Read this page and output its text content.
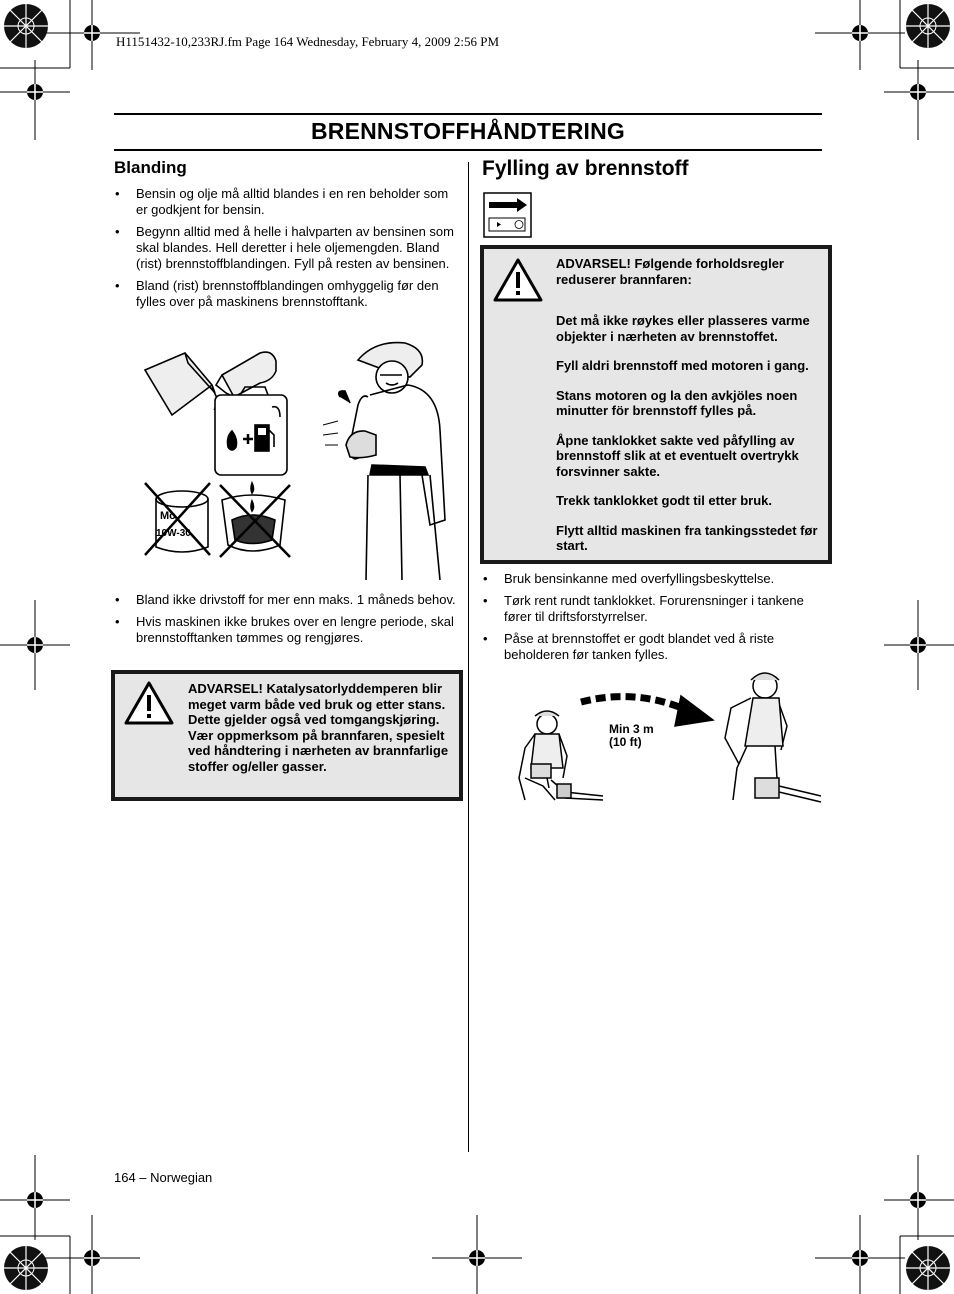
H1151432-10,233RJ.fm Page 164 Wednesday, February 4, 2009 2:56 PM
BRENNSTOFFHÅNDTERING
Blanding
• Bensin og olje må alltid blandes i en ren beholder som er godkjent for bensin.
• Begynn alltid med å helle i halvparten av bensinen som skal blandes. Hell deretter i hele oljemengden. Bland (rist) brennstoffblandingen. Fyll på resten av bensinen.
• Bland (rist) brennstoffblandingen omhyggelig før den fylles over på maskinens brennstofftank.
Mo
10W-30
• Bland ikke drivstoff for mer enn maks. 1 måneds behov.
• Hvis maskinen ikke brukes over en lengre periode, skal brennstofftanken tømmes og rengjøres.
ADVARSEL! Katalysatorlyddemperen blir meget varm både ved bruk og etter stans. Dette gjelder også ved tomgangskjøring. Vær oppmerksom på brannfaren, spesielt ved håndtering i nærheten av brannfarlige stoffer og/eller gasser.
Fylling av brennstoff

ADVARSEL! Følgende forholdsregler reduserer brannfaren:

Det må ikke røykes eller plasseres varme objekter i nærheten av brennstoffet.

Fyll aldri brennstoff med motoren i gang.

Stans motoren og la den avkjöles noen minutter för brennstoff fylles på.

Åpne tanklokket sakte ved påfylling av brennstoff slik at et eventuelt overtrykk forsvinner sakte.

Trekk tanklokket godt til etter bruk.

Flytt alltid maskinen fra tankingsstedet før start.

• Bruk bensinkanne med overfyllingsbeskyttelse.
• Tørk rent rundt tanklokket. Forurensninger i tankene fører til driftsforstyrrelser.
• Påse at brennstoffet er godt blandet ved å riste beholderen før tanken fylles.
Min 3 m
(10 ft)
164 – Norwegian
